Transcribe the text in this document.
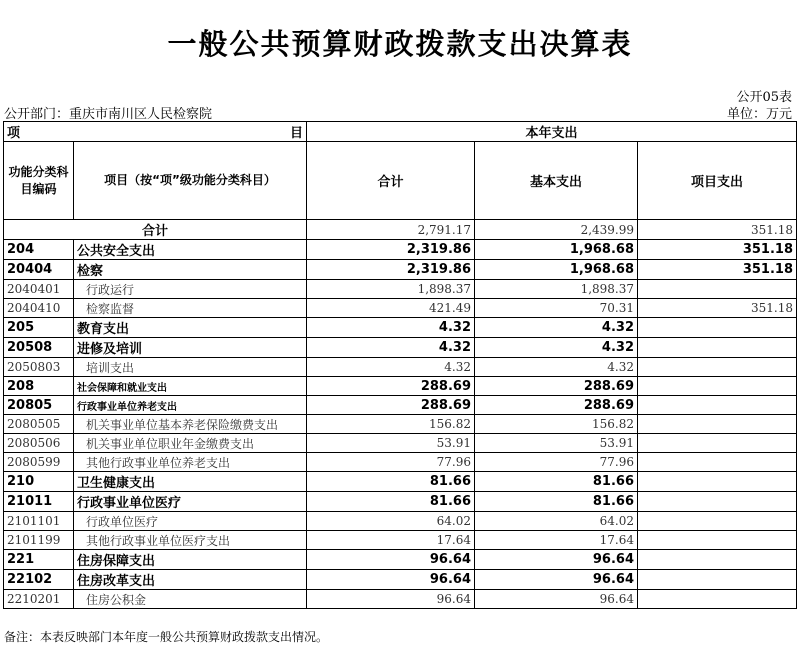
一般公共预算财政拨款支出决算表
公开05表
公开部门：重庆市南川区人民检察院	单位：万元
项 目		本年支出		
功能分类科目编码	项目（按“项”级功能分类科目）	合计	基本支出	项目支出
合计		2,791.17	2,439.99	351.18
204	公共安全支出	2,319.86	1,968.68	351.18
20404	检察	2,319.86	1,968.68	351.18
2040401	行政运行	1,898.37	1,898.37	
2040410	检察监督	421.49	70.31	351.18
205	教育支出	4.32	4.32	
20508	进修及培训	4.32	4.32	
2050803	培训支出	4.32	4.32	
208	社会保障和就业支出	288.69	288.69	
20805	行政事业单位养老支出	288.69	288.69	
2080505	机关事业单位基本养老保险缴费支出	156.82	156.82	
2080506	机关事业单位职业年金缴费支出	53.91	53.91	
2080599	其他行政事业单位养老支出	77.96	77.96	
210	卫生健康支出	81.66	81.66	
21011	行政事业单位医疗	81.66	81.66	
2101101	行政单位医疗	64.02	64.02	
2101199	其他行政事业单位医疗支出	17.64	17.64	
221	住房保障支出	96.64	96.64	
22102	住房改革支出	96.64	96.64	
2210201	住房公积金	96.64	96.64	
备注：本表反映部门本年度一般公共预算财政拨款支出情况。
